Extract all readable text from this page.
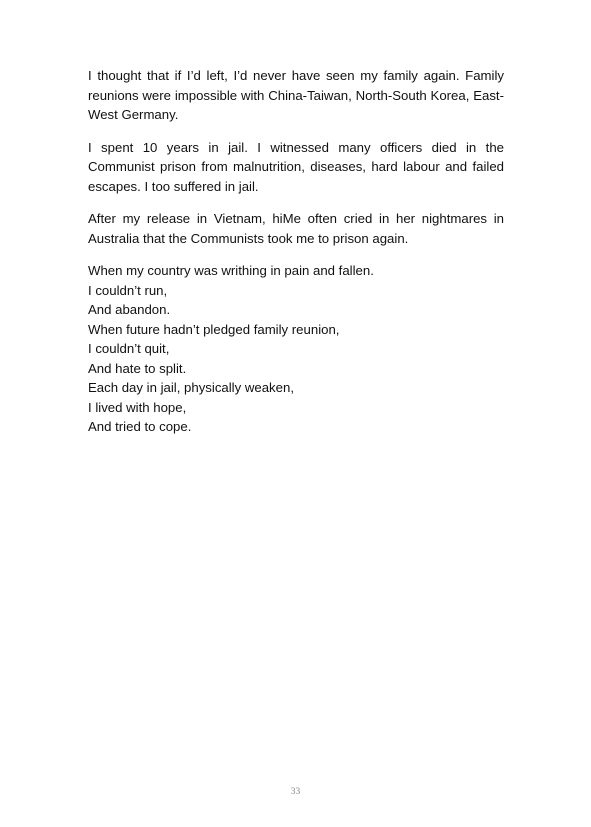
I thought that if I’d left, I’d never have seen my family again. Family reunions were impossible with China-Taiwan, North-South Korea, East-West Germany.

I spent 10 years in jail. I witnessed many officers died in the Communist prison from malnutrition, diseases, hard labour and failed escapes. I too suffered in jail.

After my release in Vietnam, hiMe often cried in her nightmares in Australia that the Communists took me to prison again.

When my country was writhing in pain and fallen.
I couldn’t run,
And abandon.
When future hadn’t pledged family reunion,
I couldn’t quit,
And hate to split.
Each day in jail, physically weaken,
I lived with hope,
And tried to cope.
33
